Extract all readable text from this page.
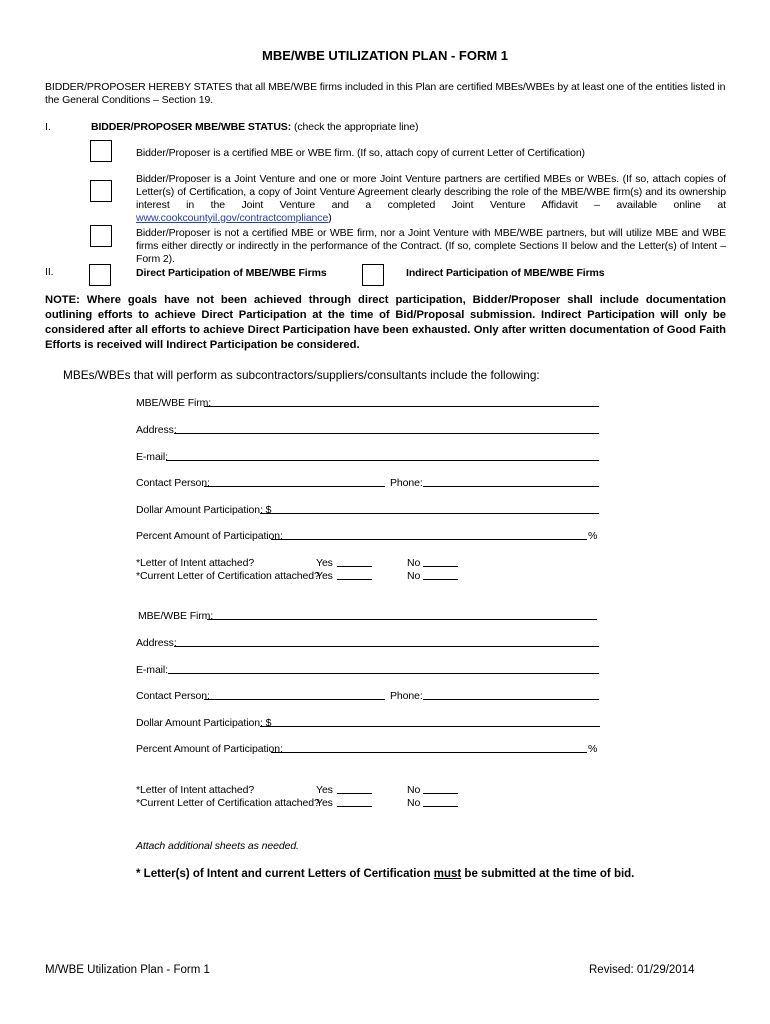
MBE/WBE UTILIZATION PLAN - FORM 1
BIDDER/PROPOSER HEREBY STATES that all MBE/WBE firms included in this Plan are certified MBEs/WBEs by at least one of the entities listed in the General Conditions – Section 19.
I.	BIDDER/PROPOSER MBE/WBE STATUS: (check the appropriate line)
Bidder/Proposer is a certified MBE or WBE firm. (If so, attach copy of current Letter of Certification)
Bidder/Proposer is a Joint Venture and one or more Joint Venture partners are certified MBEs or WBEs. (If so, attach copies of Letter(s) of Certification, a copy of Joint Venture Agreement clearly describing the role of the MBE/WBE firm(s) and its ownership interest in the Joint Venture and a completed Joint Venture Affidavit – available online at www.cookcountyil.gov/contractcompliance)
Bidder/Proposer is not a certified MBE or WBE firm, nor a Joint Venture with MBE/WBE partners, but will utilize MBE and WBE firms either directly or indirectly in the performance of the Contract. (If so, complete Sections II below and the Letter(s) of Intent – Form 2).
II.	Direct Participation of MBE/WBE Firms	Indirect Participation of MBE/WBE Firms
NOTE: Where goals have not been achieved through direct participation, Bidder/Proposer shall include documentation outlining efforts to achieve Direct Participation at the time of Bid/Proposal submission. Indirect Participation will only be considered after all efforts to achieve Direct Participation have been exhausted. Only after written documentation of Good Faith Efforts is received will Indirect Participation be considered.
MBEs/WBEs that will perform as subcontractors/suppliers/consultants include the following:
MBE/WBE Firm:
Address:
E-mail:
Contact Person:	Phone:
Dollar Amount Participation: $
Percent Amount of Participation:	%
*Letter of Intent attached?	Yes	No
*Current Letter of Certification attached?
Yes	No
MBE/WBE Firm:
Address:
E-mail:
Contact Person:	Phone:
Dollar Amount Participation: $
Percent Amount of Participation:	%
*Letter of Intent attached?	Yes	No
*Current Letter of Certification attached?
Yes	No
Attach additional sheets as needed.
* Letter(s) of Intent and current Letters of Certification must be submitted at the time of bid.
M/WBE Utilization Plan - Form 1	Revised: 01/29/2014
